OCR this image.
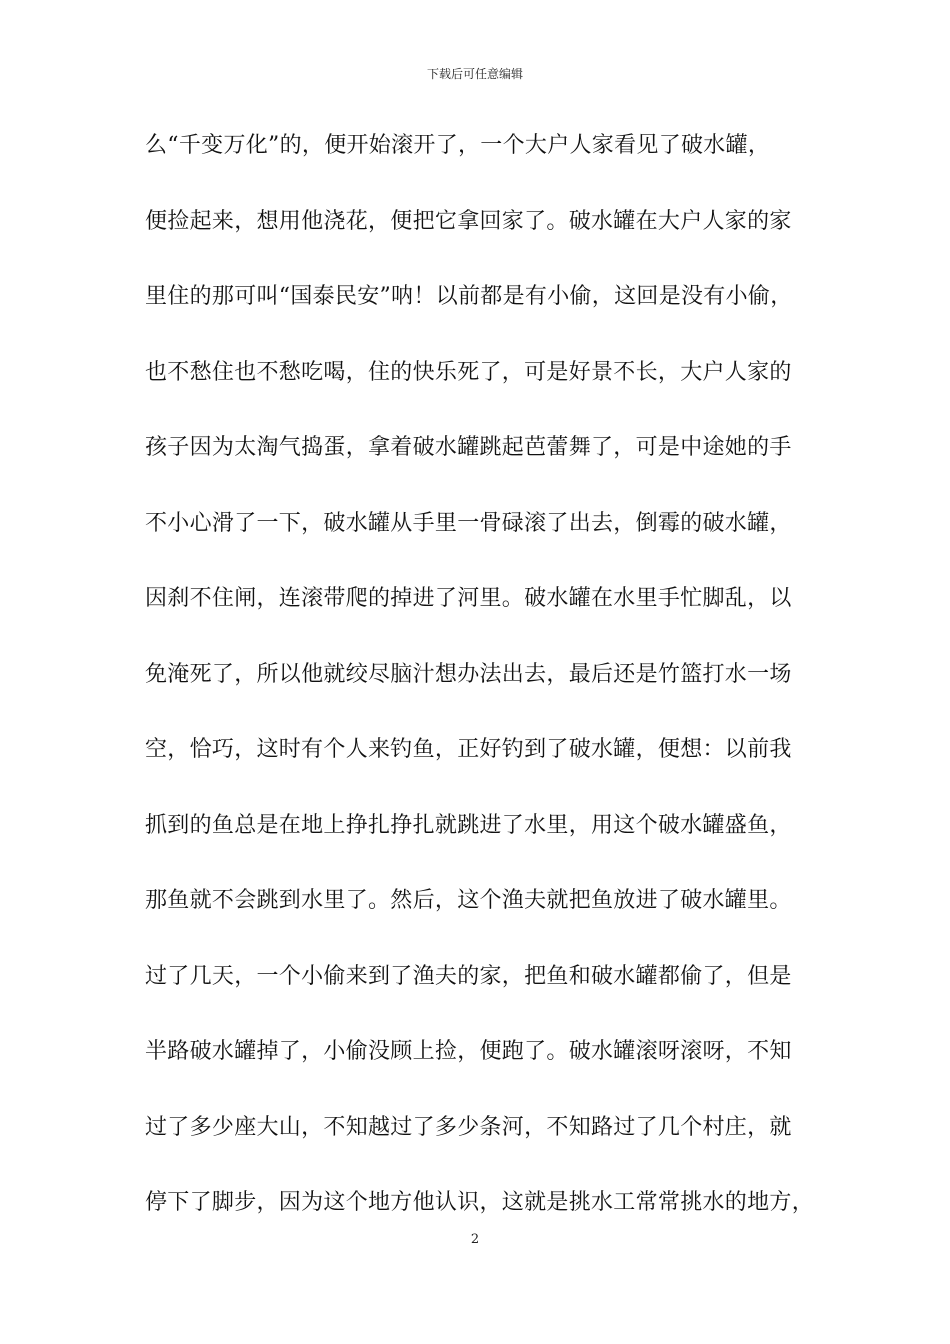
下载后可任意编辑
么“千变万化”的，便开始滚开了，一个大户人家看见了破水罐，
便捡起来，想用他浇花，便把它拿回家了。破水罐在大户人家的家
里住的那可叫“国泰民安”呐！以前都是有小偷，这回是没有小偷，
也不愁住也不愁吃喝，住的快乐死了，可是好景不长，大户人家的
孩子因为太淘气捣蛋，拿着破水罐跳起芭蕾舞了，可是中途她的手
不小心滑了一下，破水罐从手里一骨碌滚了出去，倒霉的破水罐，
因刹不住闸，连滚带爬的掉进了河里。破水罐在水里手忙脚乱，以
免淹死了，所以他就绞尽脑汁想办法出去，最后还是竹篮打水一场
空，恰巧，这时有个人来钓鱼，正好钓到了破水罐，便想：以前我
抓到的鱼总是在地上挣扎挣扎就跳进了水里，用这个破水罐盛鱼，
那鱼就不会跳到水里了。然后，这个渔夫就把鱼放进了破水罐里。
过了几天，一个小偷来到了渔夫的家，把鱼和破水罐都偷了，但是
半路破水罐掉了，小偷没顾上捡，便跑了。破水罐滚呀滚呀，不知
过了多少座大山，不知越过了多少条河，不知路过了几个村庄，就
停下了脚步，因为这个地方他认识，这就是挑水工常常挑水的地方，
2
